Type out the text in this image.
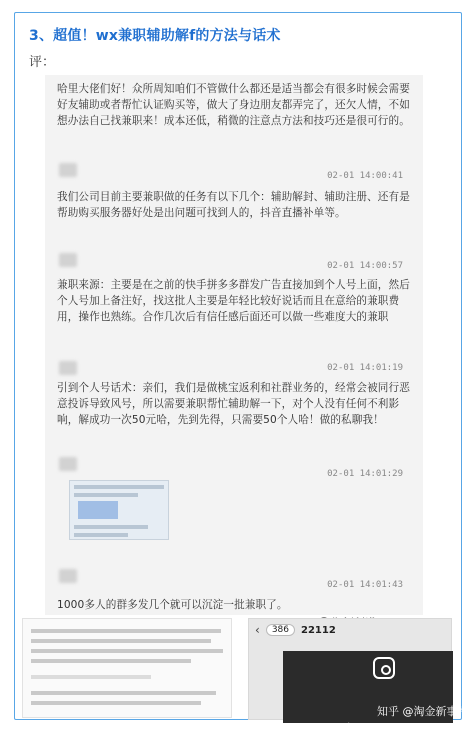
3、超值！wx兼职辅助解f的方法与话术
评：
哈里大佬们好！众所周知咱们不管做什么都还是适当都会有很多时候会需要好友辅助或者帮忙认证购买等，做大了身边朋友都弄完了，还欠人情，不如想办法自己找兼职来！成本还低，稍微的注意点方法和技巧还是很可行的。
02-01 14:00:41
我们公司目前主要兼职做的任务有以下几个：辅助解封、辅助注册、还有是帮助购买服务器好处是出问题可找到人的，抖音直播补单等。
02-01 14:00:57
兼职来源：主要是在之前的快手拼多多群发广告直接加到个人号上面，然后个人号加上备注好，找这批人主要是年轻比较好说话而且在意给的兼职费用，操作也熟练。合作几次后有信任感后面还可以做一些难度大的兼职
02-01 14:01:19
引到个人号话术：亲们，我们是做桃宝返利和社群业务的，经常会被同行恶意投诉导致风号，所以需要兼职帮忙辅助解一下，对个人没有任何不利影响，解成功一次50元哈，先到先得，只需要50个人哈！做的私聊我！
02-01 14:01:29
02-01 14:01:43
1000多人的群多发几个就可以沉淀一批兼职了。
‹	386	22112
知乎 @淘金新事件
★
